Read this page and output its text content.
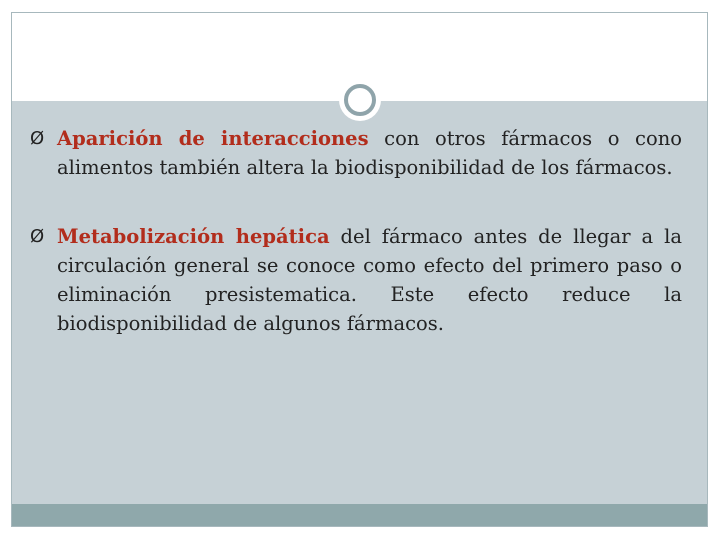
Ø Aparición de interacciones con otros fármacos o cono alimentos también altera la biodisponibilidad de los fármacos.
Ø Metabolización hepática del fármaco antes de llegar a la circulación general se conoce como efecto del primero paso o eliminación presistematica. Este efecto reduce la biodisponibilidad de algunos fármacos.
